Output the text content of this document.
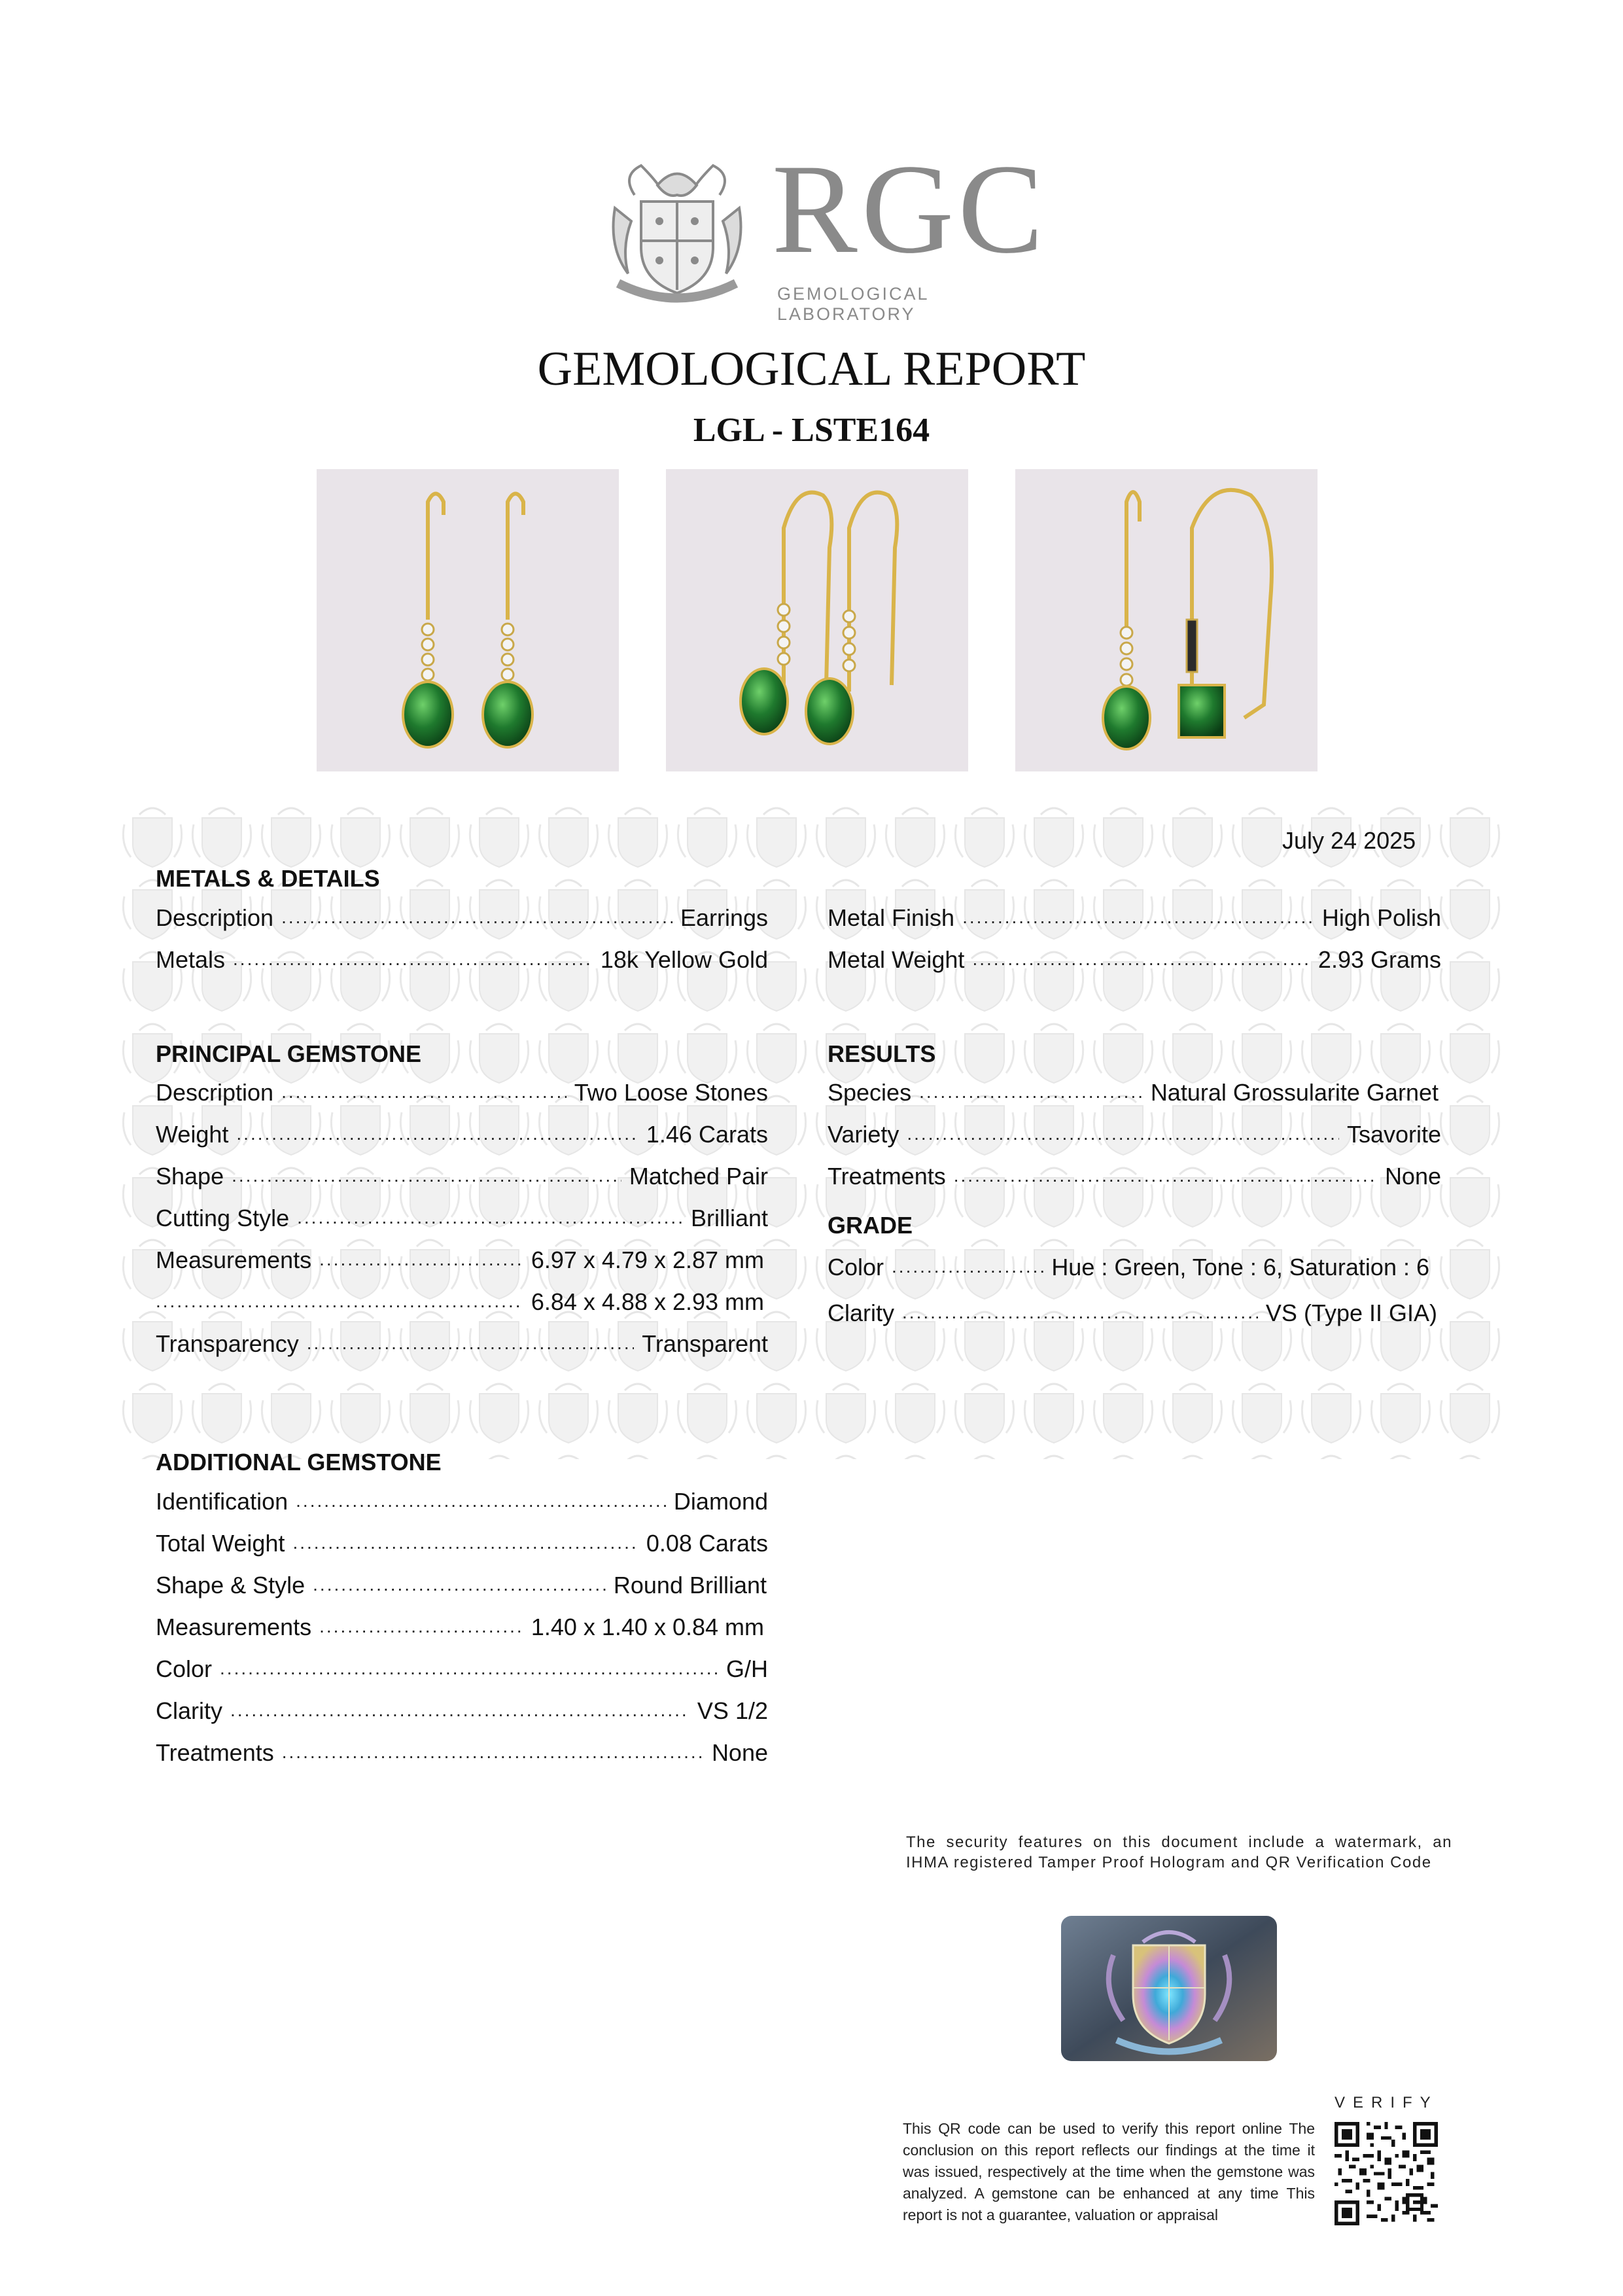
RGC
GEMOLOGICAL LABORATORY
GEMOLOGICAL REPORT
LGL - LSTE164
July 24 2025
METALS & DETAILS
Description .....	Earrings
Metals .....	18k Yellow Gold
Metal Finish .....	High Polish
Metal Weight .....	2.93 Grams
PRINCIPAL GEMSTONE
Description .....	Two Loose Stones
Weight .....	1.46 Carats
Shape .....	Matched Pair
Cutting Style .....	Brilliant
Measurements .....	6.97 x 4.79 x 2.87 mm
.....
6.84 x 4.88 x 2.93 mm
Transparency .....	Transparent
RESULTS
Species .....	Natural Grossularite Garnet
Variety .....	Tsavorite
Treatments .....	None
GRADE
Color .....	Hue : Green, Tone : 6, Saturation : 6
Clarity .....	VS (Type II GIA)
ADDITIONAL GEMSTONE
Identification .....	Diamond
Total Weight .....	0.08 Carats
Shape & Style .....	Round Brilliant
Measurements .....	1.40 x 1.40 x 0.84 mm
Color .....	G/H
Clarity .....	VS 1/2
Treatments .....	None
The security features on this document include a watermark, an IHMA registered Tamper Proof Hologram and QR Verification Code
VERIFY
This QR code can be used to verify this report online The conclusion on this report reflects our findings at the time it was issued, respectively at the time when the gemstone was analyzed. A gemstone can be enhanced at any time This report is not a guarantee, valuation or appraisal
